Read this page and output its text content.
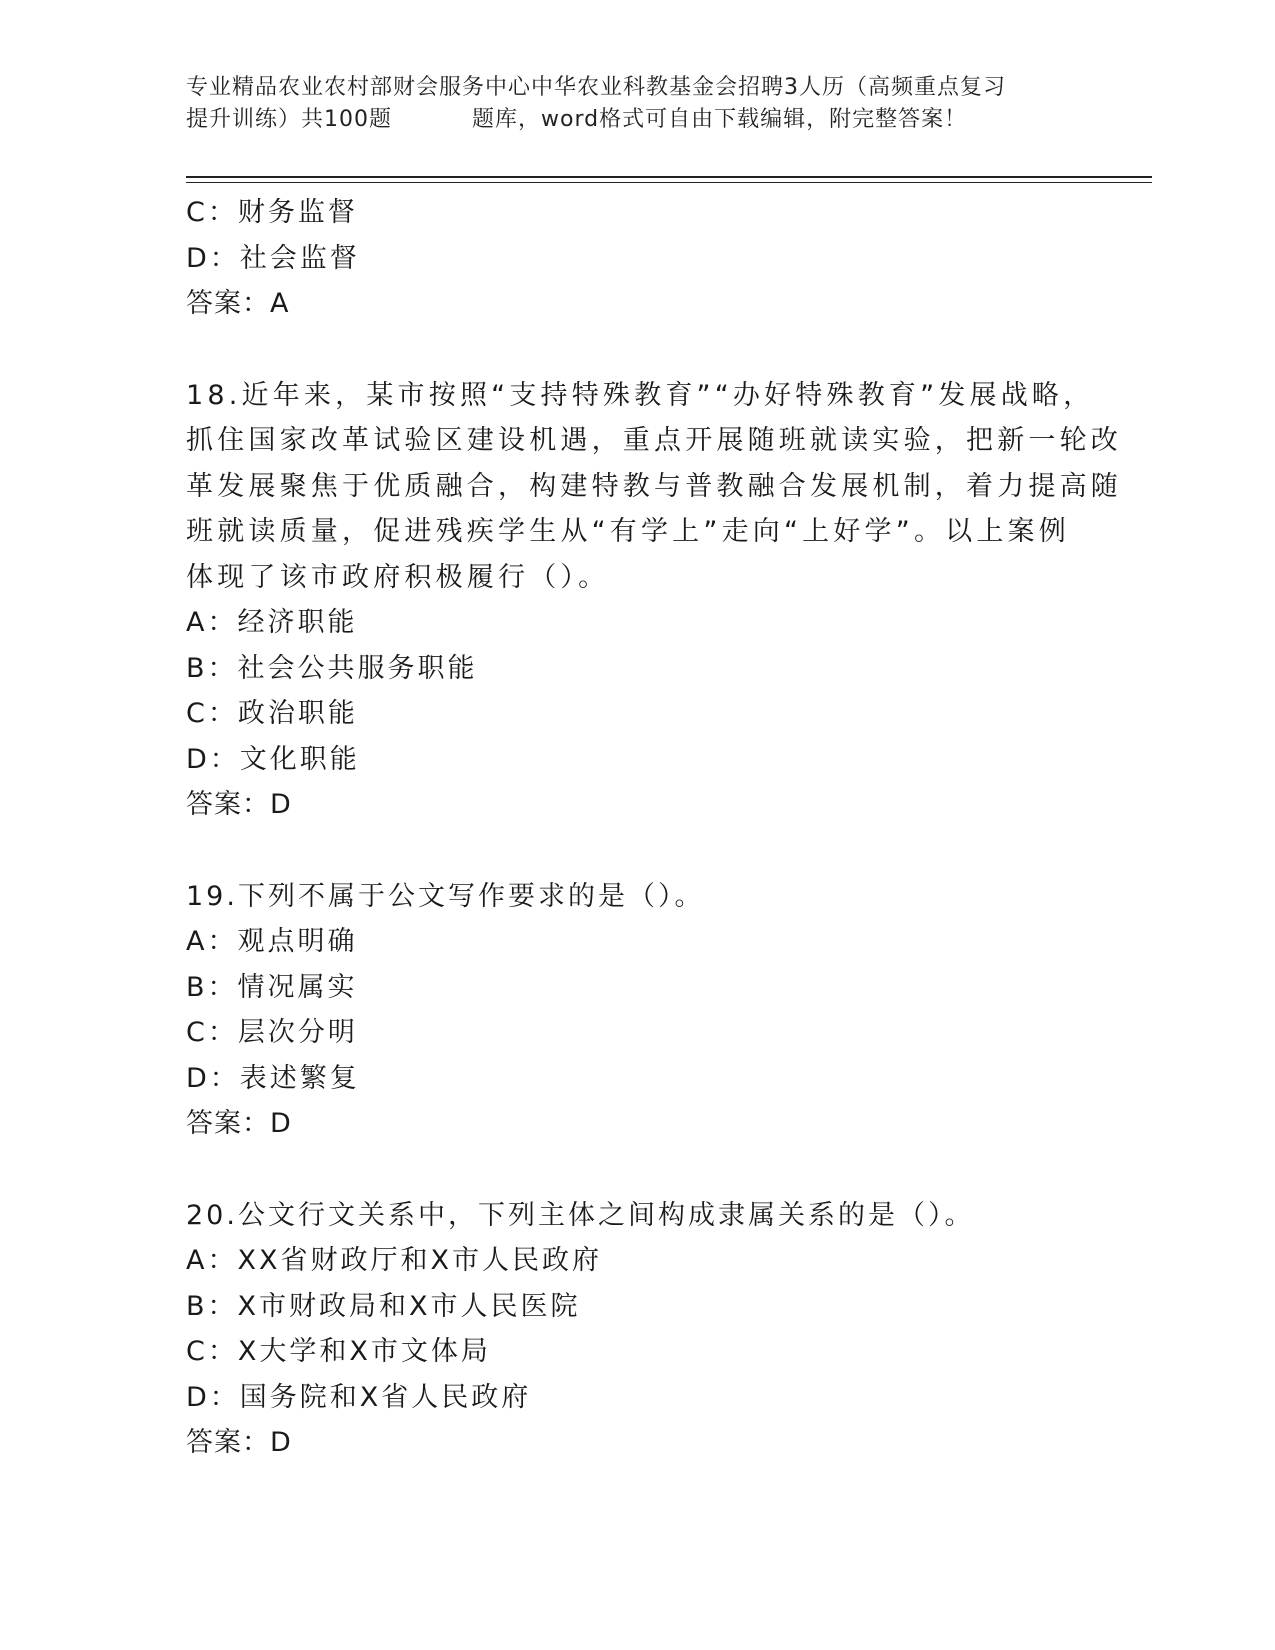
专业精品农业农村部财会服务中心中华农业科教基金会招聘3人历（高频重点复习
提升训练）共100题	题库，word格式可自由下载编辑，附完整答案！
C：财务监督
D：社会监督
答案：A
18.近年来，某市按照“支持特殊教育”“办好特殊教育”发展战略，
抓住国家改革试验区建设机遇，重点开展随班就读实验，把新一轮改
革发展聚焦于优质融合，构建特教与普教融合发展机制，着力提高随
班就读质量，促进残疾学生从“有学上”走向“上好学”。以上案例
体现了该市政府积极履行（）。
A：经济职能
B：社会公共服务职能
C：政治职能
D：文化职能
答案：D
19.下列不属于公文写作要求的是（）。
A：观点明确
B：情况属实
C：层次分明
D：表述繁复
答案：D
20.公文行文关系中，下列主体之间构成隶属关系的是（）。
A：XX省财政厅和X市人民政府
B：X市财政局和X市人民医院
C：X大学和X市文体局
D：国务院和X省人民政府
答案：D
